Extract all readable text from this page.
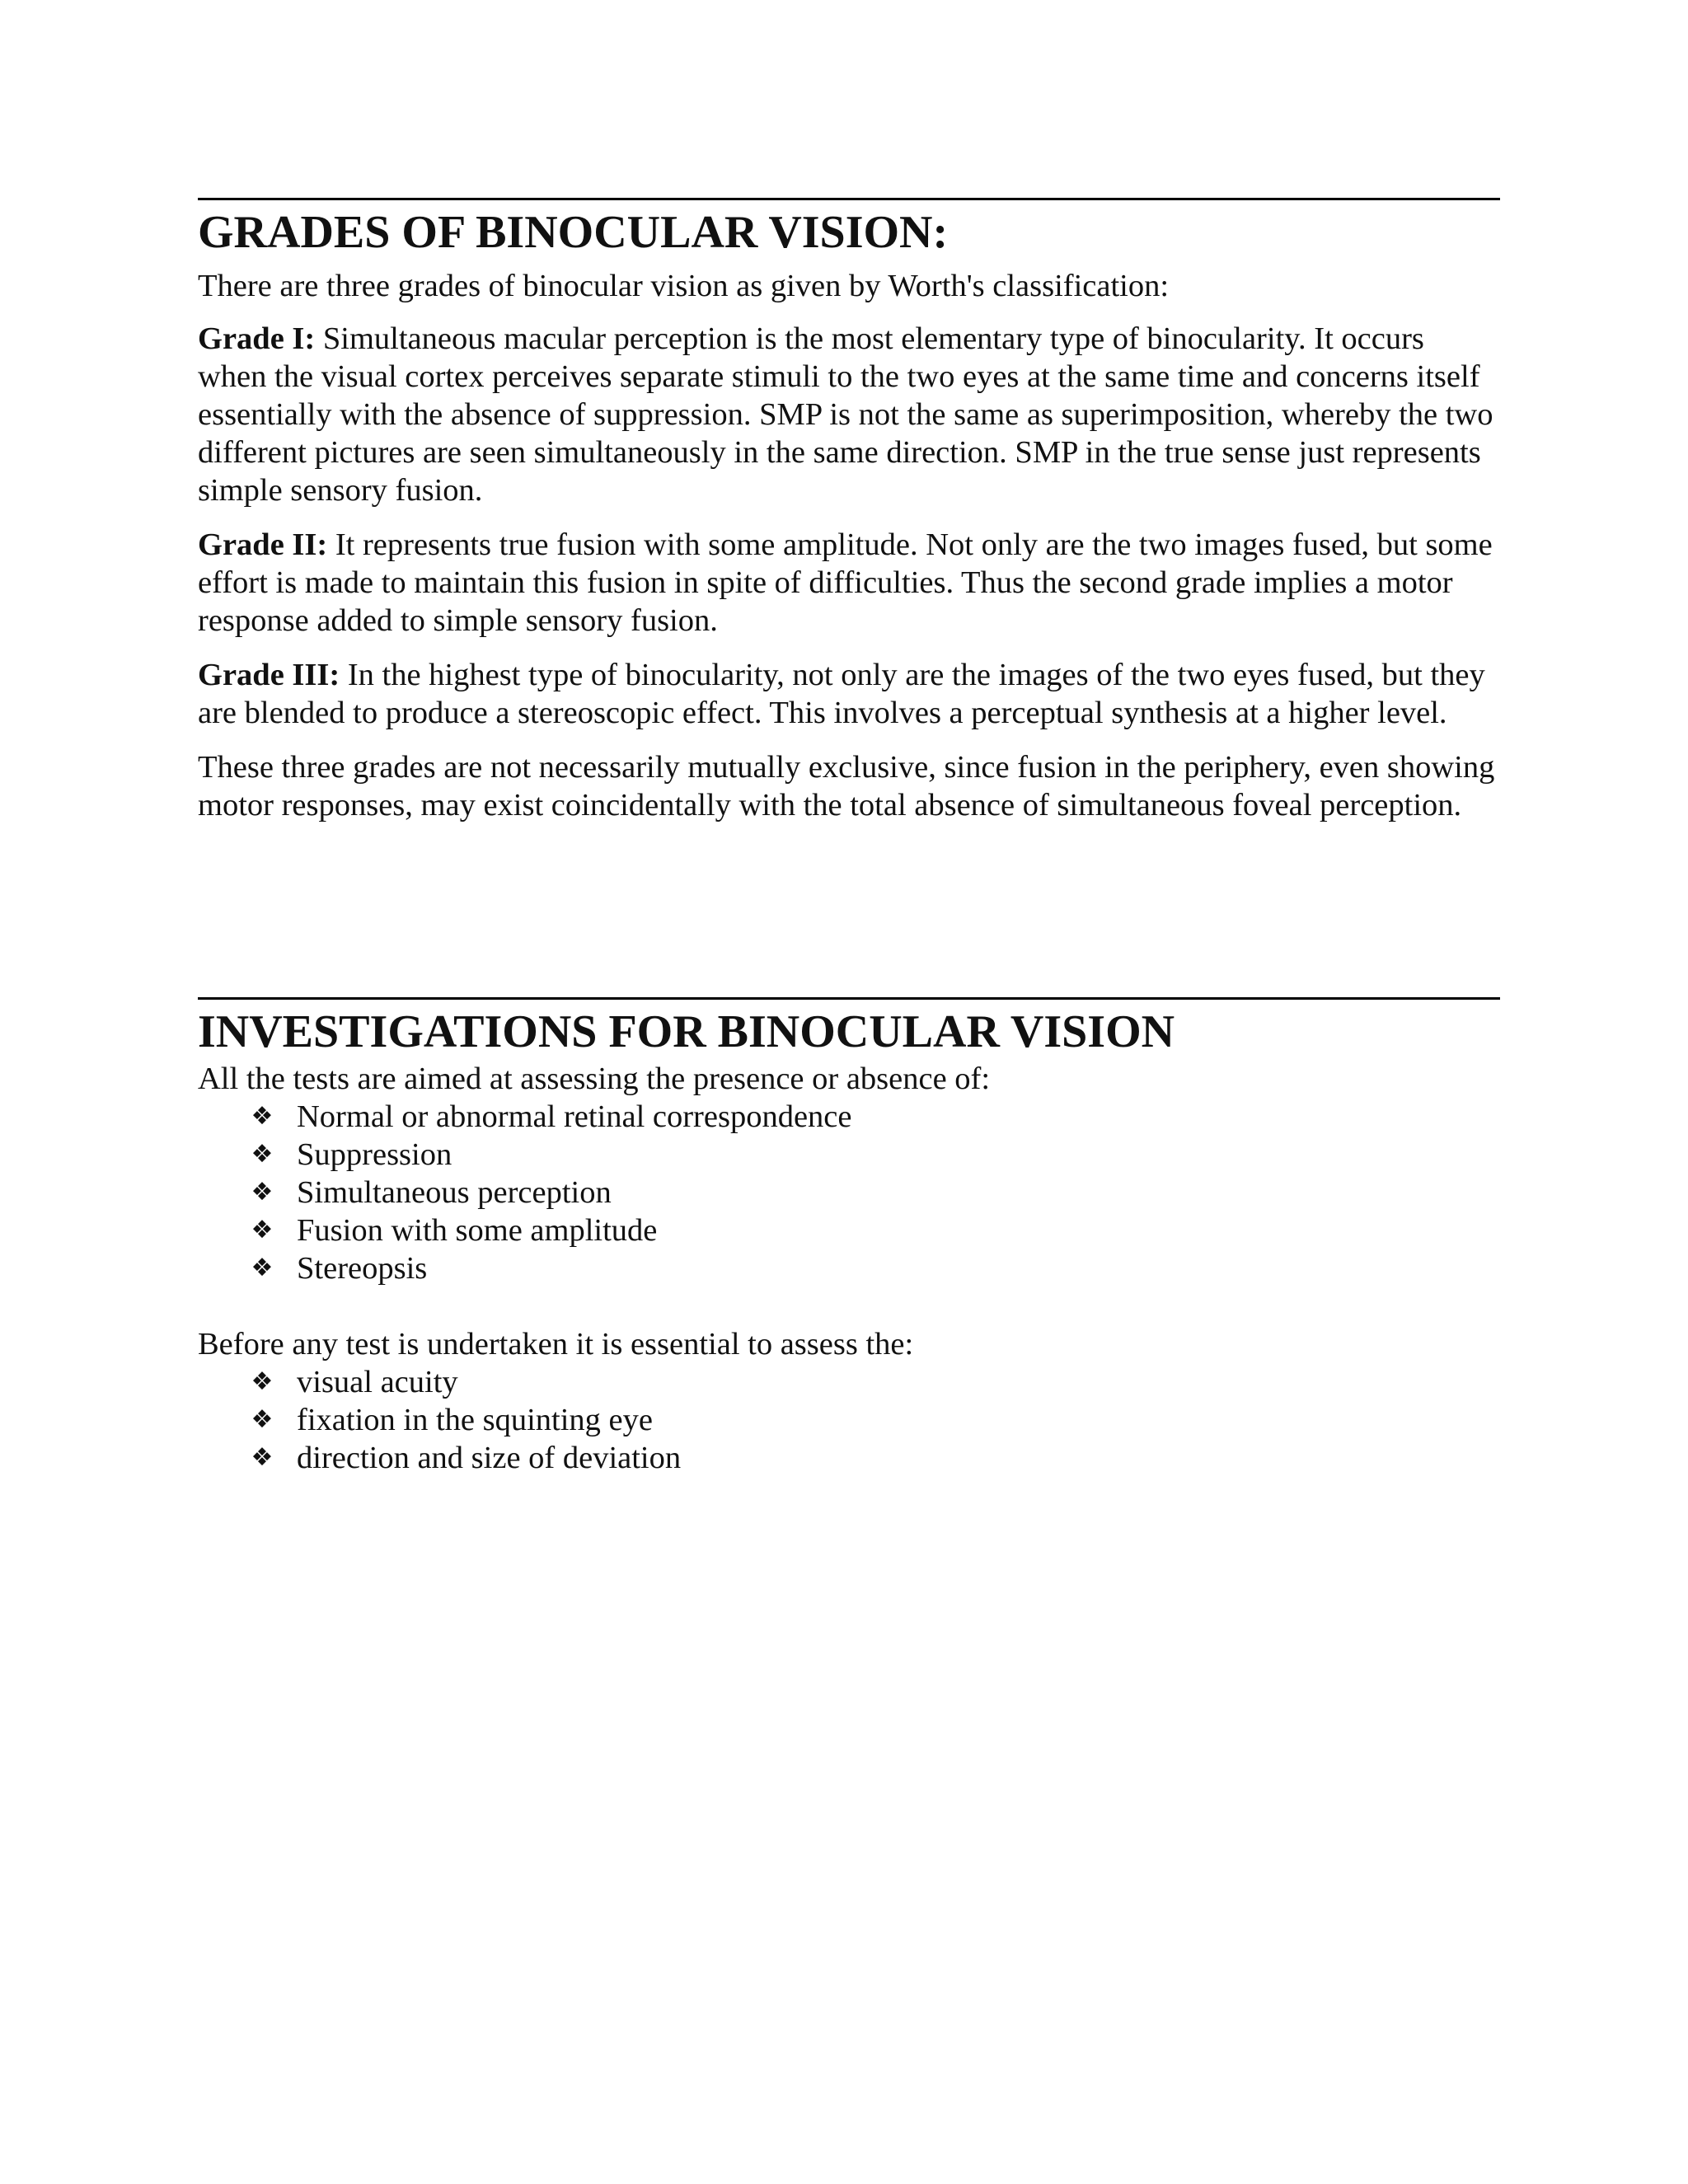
GRADES OF BINOCULAR VISION:

There are three grades of binocular vision as given by Worth's classification:

Grade I: Simultaneous macular perception is the most elementary type of binocularity. It occurs when the visual cortex perceives separate stimuli to the two eyes at the same time and concerns itself essentially with the absence of suppression. SMP is not the same as superimposition, whereby the two different pictures are seen simultaneously in the same direction. SMP in the true sense just represents simple sensory fusion.

Grade II: It represents true fusion with some amplitude. Not only are the two images fused, but some effort is made to maintain this fusion in spite of difficulties. Thus the second grade implies a motor response added to simple sensory fusion.

Grade III: In the highest type of binocularity, not only are the images of the two eyes fused, but they are blended to produce a stereoscopic effect. This involves a perceptual synthesis at a higher level.

These three grades are not necessarily mutually exclusive, since fusion in the periphery, even showing motor responses, may exist coincidentally with the total absence of simultaneous foveal perception.

INVESTIGATIONS FOR BINOCULAR VISION
All the tests are aimed at assessing the presence or absence of:
❖ Normal or abnormal retinal correspondence
❖ Suppression
❖ Simultaneous perception
❖ Fusion with some amplitude
❖ Stereopsis
Before any test is undertaken it is essential to assess the:
❖ visual acuity
❖ fixation in the squinting eye
❖ direction and size of deviation
